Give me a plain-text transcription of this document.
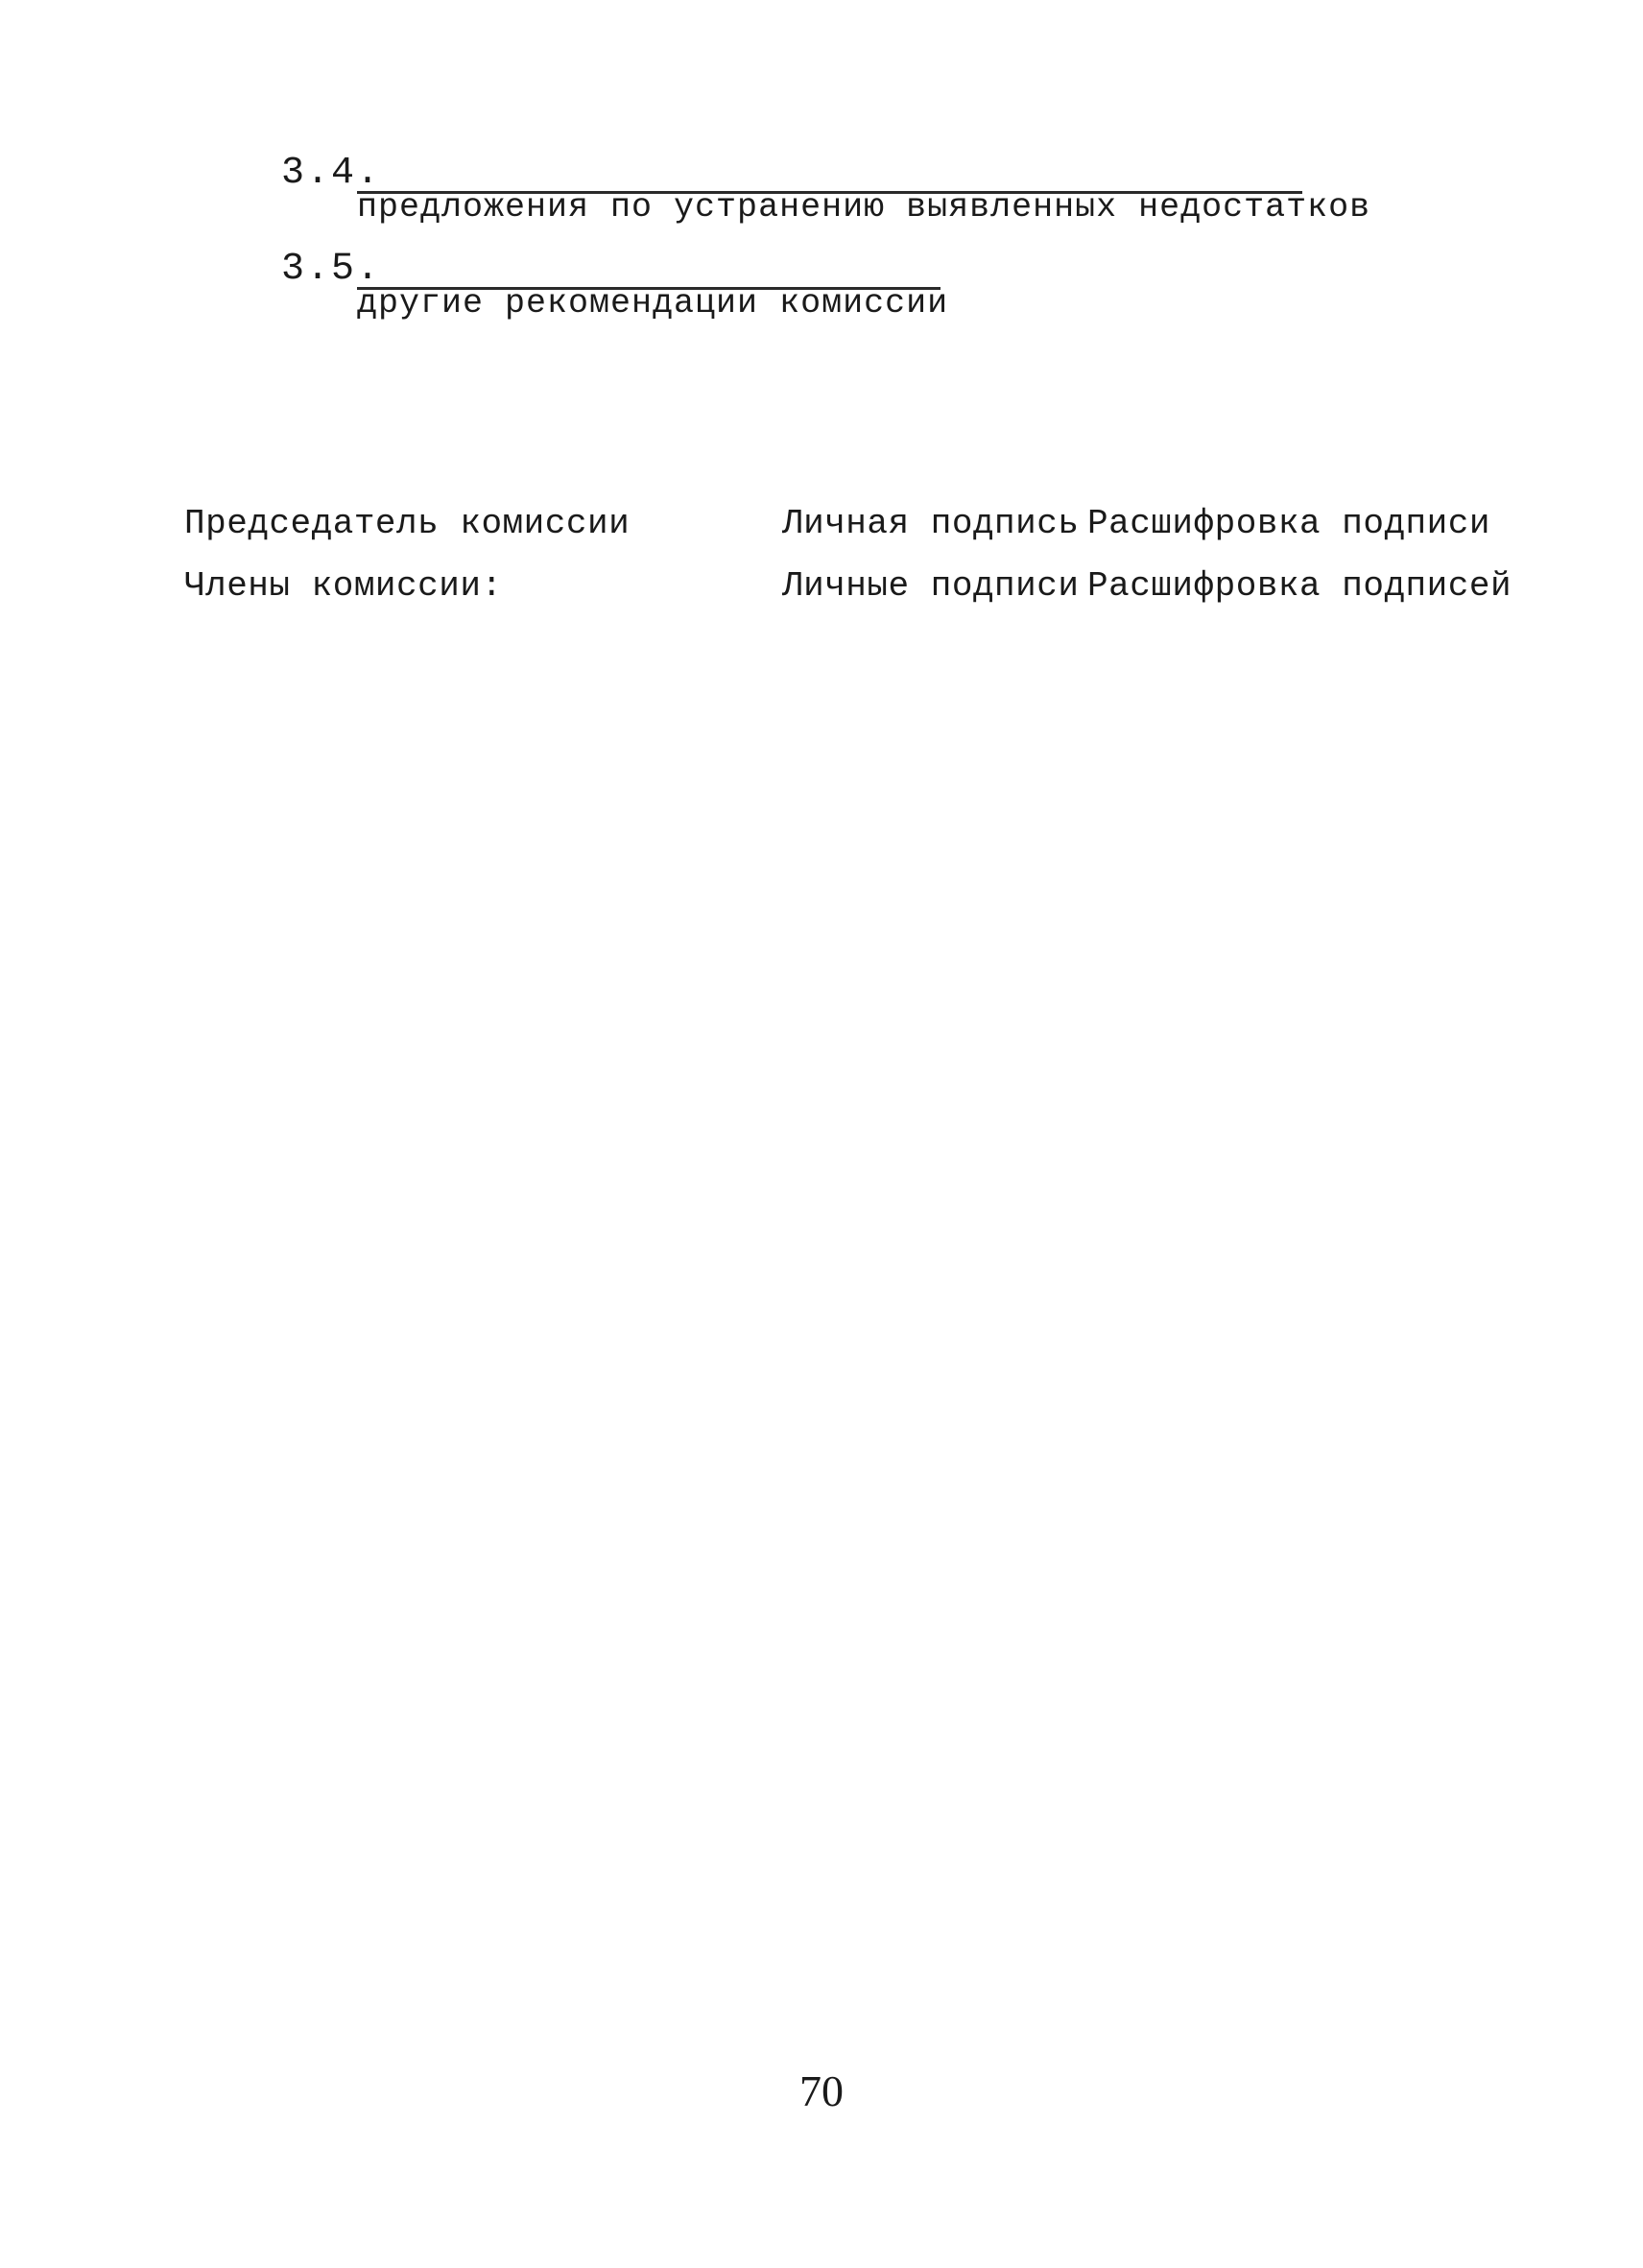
3.4.
предложения по устранению выявленных недостатков
3.5.
другие рекомендации комиссии
Председатель комиссии	Личная подпись Расшифровка подписи
Члены комиссии:	Личные подписи Расшифровка подписей
70
